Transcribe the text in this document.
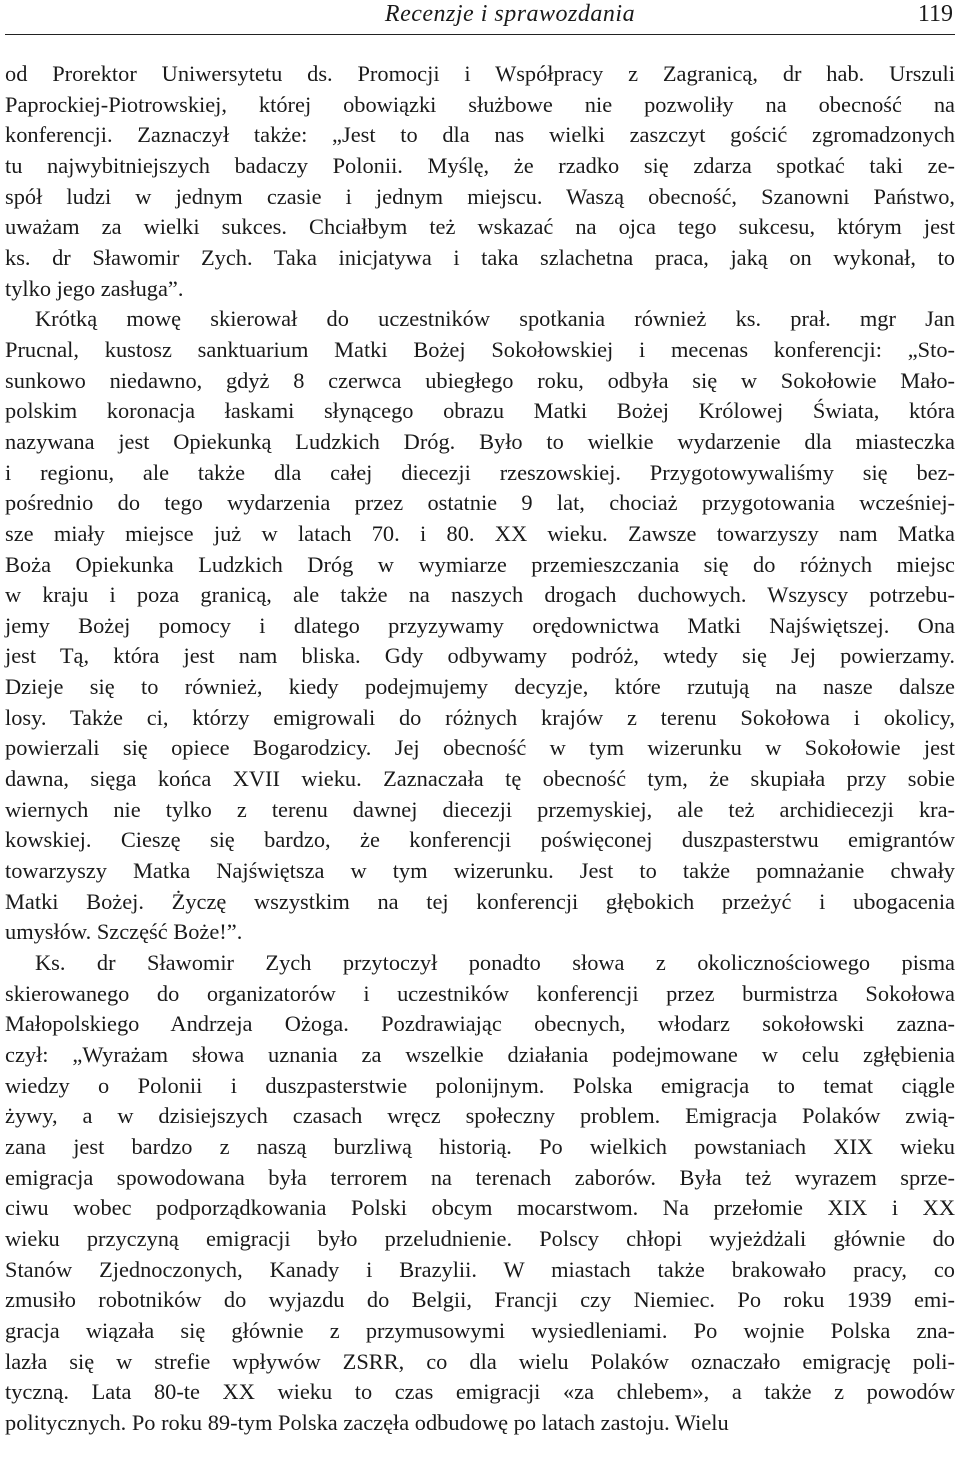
Recenzje i sprawozdania	119

od Prorektor Uniwersytetu ds. Promocji i Współpracy z Zagranicą, dr hab. Urszuli

Paprockiej-Piotrowskiej, której obowiązki służbowe nie pozwoliły na obecność na

konferencji. Zaznaczył także: „Jest to dla nas wielki zaszczyt gościć zgromadzonych

tu najwybitniejszych badaczy Polonii. Myślę, że rzadko się zdarza spotkać taki ze-

spół ludzi w jednym czasie i jednym miejscu. Waszą obecność, Szanowni Państwo,

uważam za wielki sukces. Chciałbym też wskazać na ojca tego sukcesu, którym jest

ks. dr Sławomir Zych. Taka inicjatywa i taka szlachetna praca, jaką on wykonał, to

tylko jego zasługa”.

Krótką mowę skierował do uczestników spotkania również ks. prał. mgr Jan

Prucnal, kustosz sanktuarium Matki Bożej Sokołowskiej i mecenas konferencji: „Sto-

sunkowo niedawno, gdyż 8 czerwca ubiegłego roku, odbyła się w Sokołowie Mało-

polskim koronacja łaskami słynącego obrazu Matki Bożej Królowej Świata, która

nazywana jest Opiekunką Ludzkich Dróg. Było to wielkie wydarzenie dla miasteczka

i regionu, ale także dla całej diecezji rzeszowskiej. Przygotowywaliśmy się bez-

pośrednio do tego wydarzenia przez ostatnie 9 lat, chociaż przygotowania wcześniej-

sze miały miejsce już w latach 70. i 80. XX wieku. Zawsze towarzyszy nam Matka

Boża Opiekunka Ludzkich Dróg w wymiarze przemieszczania się do różnych miejsc

w kraju i poza granicą, ale także na naszych drogach duchowych. Wszyscy potrzebu-

jemy Bożej pomocy i dlatego przyzywamy orędownictwa Matki Najświętszej. Ona

jest Tą, która jest nam bliska. Gdy odbywamy podróż, wtedy się Jej powierzamy.

Dzieje się to również, kiedy podejmujemy decyzje, które rzutują na nasze dalsze

losy. Także ci, którzy emigrowali do różnych krajów z terenu Sokołowa i okolicy,

powierzali się opiece Bogarodzicy. Jej obecność w tym wizerunku w Sokołowie jest

dawna, sięga końca XVII wieku. Zaznaczała tę obecność tym, że skupiała przy sobie

wiernych nie tylko z terenu dawnej diecezji przemyskiej, ale też archidiecezji kra-

kowskiej. Cieszę się bardzo, że konferencji poświęconej duszpasterstwu emigrantów

towarzyszy Matka Najświętsza w tym wizerunku. Jest to także pomnażanie chwały

Matki Bożej. Życzę wszystkim na tej konferencji głębokich przeżyć i ubogacenia

umysłów. Szczęść Boże!”.

Ks. dr Sławomir Zych przytoczył ponadto słowa z okolicznościowego pisma

skierowanego do organizatorów i uczestników konferencji przez burmistrza Sokołowa

Małopolskiego Andrzeja Ożoga. Pozdrawiając obecnych, włodarz sokołowski zazna-

czył: „Wyrażam słowa uznania za wszelkie działania podejmowane w celu zgłębienia

wiedzy o Polonii i duszpasterstwie polonijnym. Polska emigracja to temat ciągle

żywy, a w dzisiejszych czasach wręcz społeczny problem. Emigracja Polaków zwią-

zana jest bardzo z naszą burzliwą historią. Po wielkich powstaniach XIX wieku

emigracja spowodowana była terrorem na terenach zaborów. Była też wyrazem sprze-

ciwu wobec podporządkowania Polski obcym mocarstwom. Na przełomie XIX i XX

wieku przyczyną emigracji było przeludnienie. Polscy chłopi wyjeżdżali głównie do

Stanów Zjednoczonych, Kanady i Brazylii. W miastach także brakowało pracy, co

zmusiło robotników do wyjazdu do Belgii, Francji czy Niemiec. Po roku 1939 emi-

gracja wiązała się głównie z przymusowymi wysiedleniami. Po wojnie Polska zna-

lazła się w strefie wpływów ZSRR, co dla wielu Polaków oznaczało emigrację poli-

tyczną. Lata 80-te XX wieku to czas emigracji «za chlebem», a także z powodów

politycznych. Po roku 89-tym Polska zaczęła odbudowę po latach zastoju. Wielu
